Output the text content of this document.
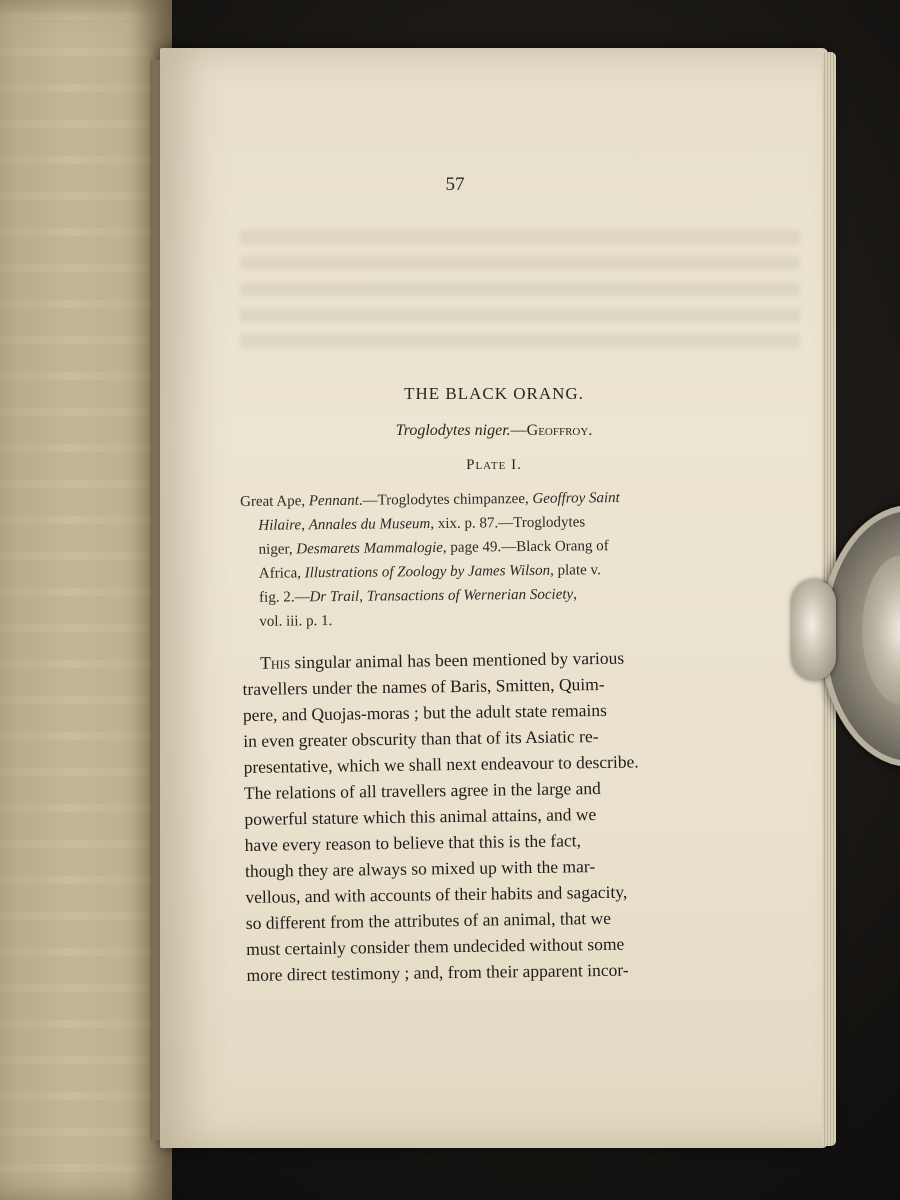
57
THE BLACK ORANG.
Troglodytes niger.—Geoffroy.
Plate I.
Great Ape, Pennant.—Troglodytes chimpanzee, Geoffroy Saint
Hilaire, Annales du Museum, xix. p. 87.—Troglodytes
niger, Desmarets Mammalogie, page 49.—Black Orang of
Africa, Illustrations of Zoology by James Wilson, plate v.
fig. 2.—Dr Trail, Transactions of Wernerian Society,
vol. iii. p. 1.
This singular animal has been mentioned by various
travellers under the names of Baris, Smitten, Quim-
pere, and Quojas-moras ; but the adult state remains
in even greater obscurity than that of its Asiatic re-
presentative, which we shall next endeavour to describe.
The relations of all travellers agree in the large and
powerful stature which this animal attains, and we
have every reason to believe that this is the fact,
though they are always so mixed up with the mar-
vellous, and with accounts of their habits and sagacity,
so different from the attributes of an animal, that we
must certainly consider them undecided without some
more direct testimony ; and, from their apparent incor-
